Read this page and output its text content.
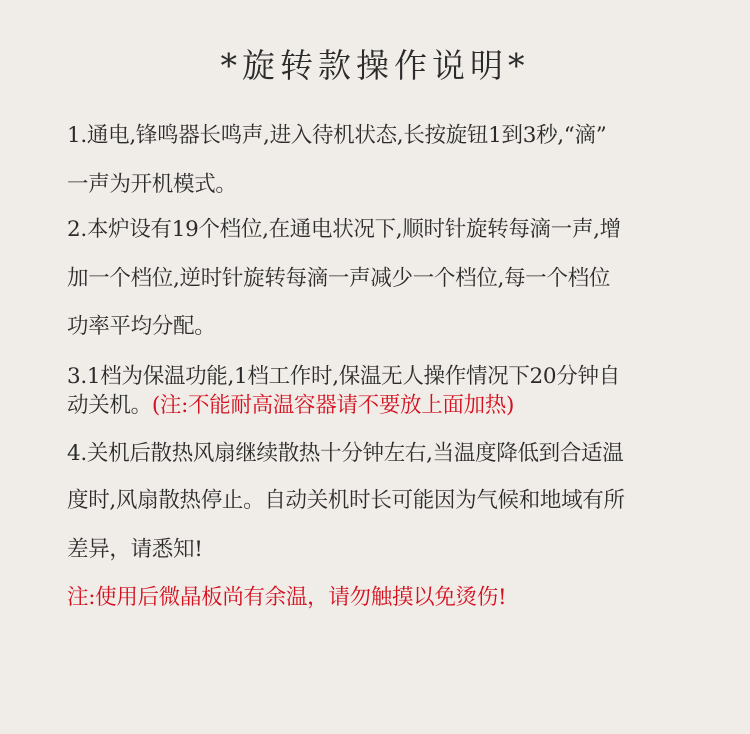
*旋转款操作说明*
1.通电,锋鸣器长鸣声,进入待机状态,长按旋钮1到3秒,“滴”
一声为开机模式。
2.本炉设有19个档位,在通电状况下,顺时针旋转每滴一声,增
加一个档位,逆时针旋转每滴一声减少一个档位,每一个档位
功率平均分配。
3.1档为保温功能,1档工作时,保温无人操作情况下20分钟自
动关机。(注:不能耐高温容器请不要放上面加热)
4.关机后散热风扇继续散热十分钟左右,当温度降低到合适温
度时,风扇散热停止。自动关机时长可能因为气候和地域有所
差异，请悉知!
注:使用后微晶板尚有余温，请勿触摸以免烫伤!
